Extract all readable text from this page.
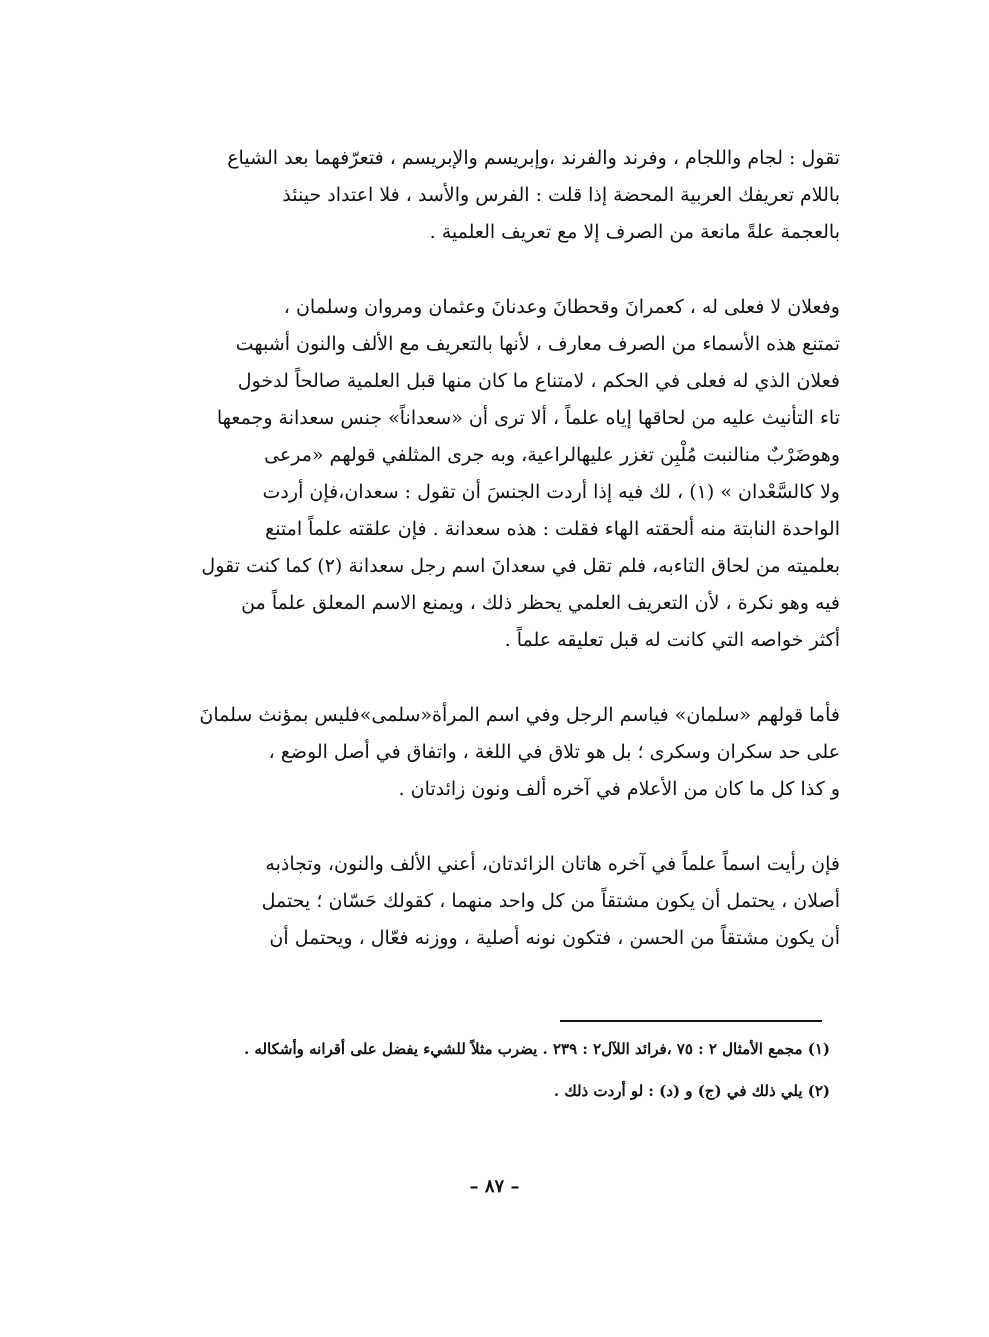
تقول : لجام واللجام ، وفرند والفرند ،وإبريسم والإبريسم ، فتعرّفهما بعد الشياع

باللام تعريفك العربية المحضة إذا قلت : الفرس والأسد ، فلا اعتداد حينئذ

بالعجمة علةً مانعة من الصرف إلا مع تعريف العلمية .

وفعلان لا فعلى له ، كعمرانَ وقحطانَ وعدنانَ وعثمان ومروان وسلمان ،

تمتنع هذه الأسماء من الصرف معارف ، لأنها بالتعريف مع الألف والنون أشبهت

فعلان الذي له فعلى في الحكم ، لامتناع ما كان منها قبل العلمية صالحاً لدخول

تاء التأنيث عليه من لحاقها إياه علماً ، ألا ترى أن «سعداناً» جنس سعدانة وجمعها

وهوضَرْبٌ منالنبت مُلْبِن تغزر عليهالراعية، وبه جرى المثلفي قولهم «مرعى

ولا كالسَّعْدان » (١) ، لك فيه إذا أردت الجنسَ أن تقول : سعدان،فإن أردت

الواحدة النابتة منه ألحقته الهاء فقلت : هذه سعدانة . فإن علقته علماً امتنع

بعلميته من لحاق التاءبه، فلم تقل في سعدانَ اسم رجل سعدانة (٢) كما كنت تقول

فيه وهو نكرة ، لأن التعريف العلمي يحظر ذلك ، ويمنع الاسم المعلق علماً من

أكثر خواصه التي كانت له قبل تعليقه علماً .

فأما قولهم «سلمان» فياسم الرجل وفي اسم المرأة«سلمى»فليس بمؤنث سلمانَ

على حد سكران وسكرى ؛ بل هو تلاق في اللغة ، واتفاق في أصل الوضع ،

و كذا كل ما كان من الأعلام في آخره ألف ونون زائدتان .

فإن رأيت اسماً علماً في آخره هاتان الزائدتان، أعني الألف والنون، وتجاذبه

أصلان ، يحتمل أن يكون مشتقاً من كل واحد منهما ، كقولك حَسّان ؛ يحتمل

أن يكون مشتقاً من الحسن ، فتكون نونه أصلية ، ووزنه فعّال ، ويحتمل أن

(١) مجمع الأمثال ٢ : ٧٥ ،فرائد اللآل٢ : ٢٣٩ . يضرب مثلاً للشيء يفضل على أقرانه وأشكاله .

(٢) يلي ذلك في (ج) و (د) : لو أردت ذلك .

– ٨٧ –
